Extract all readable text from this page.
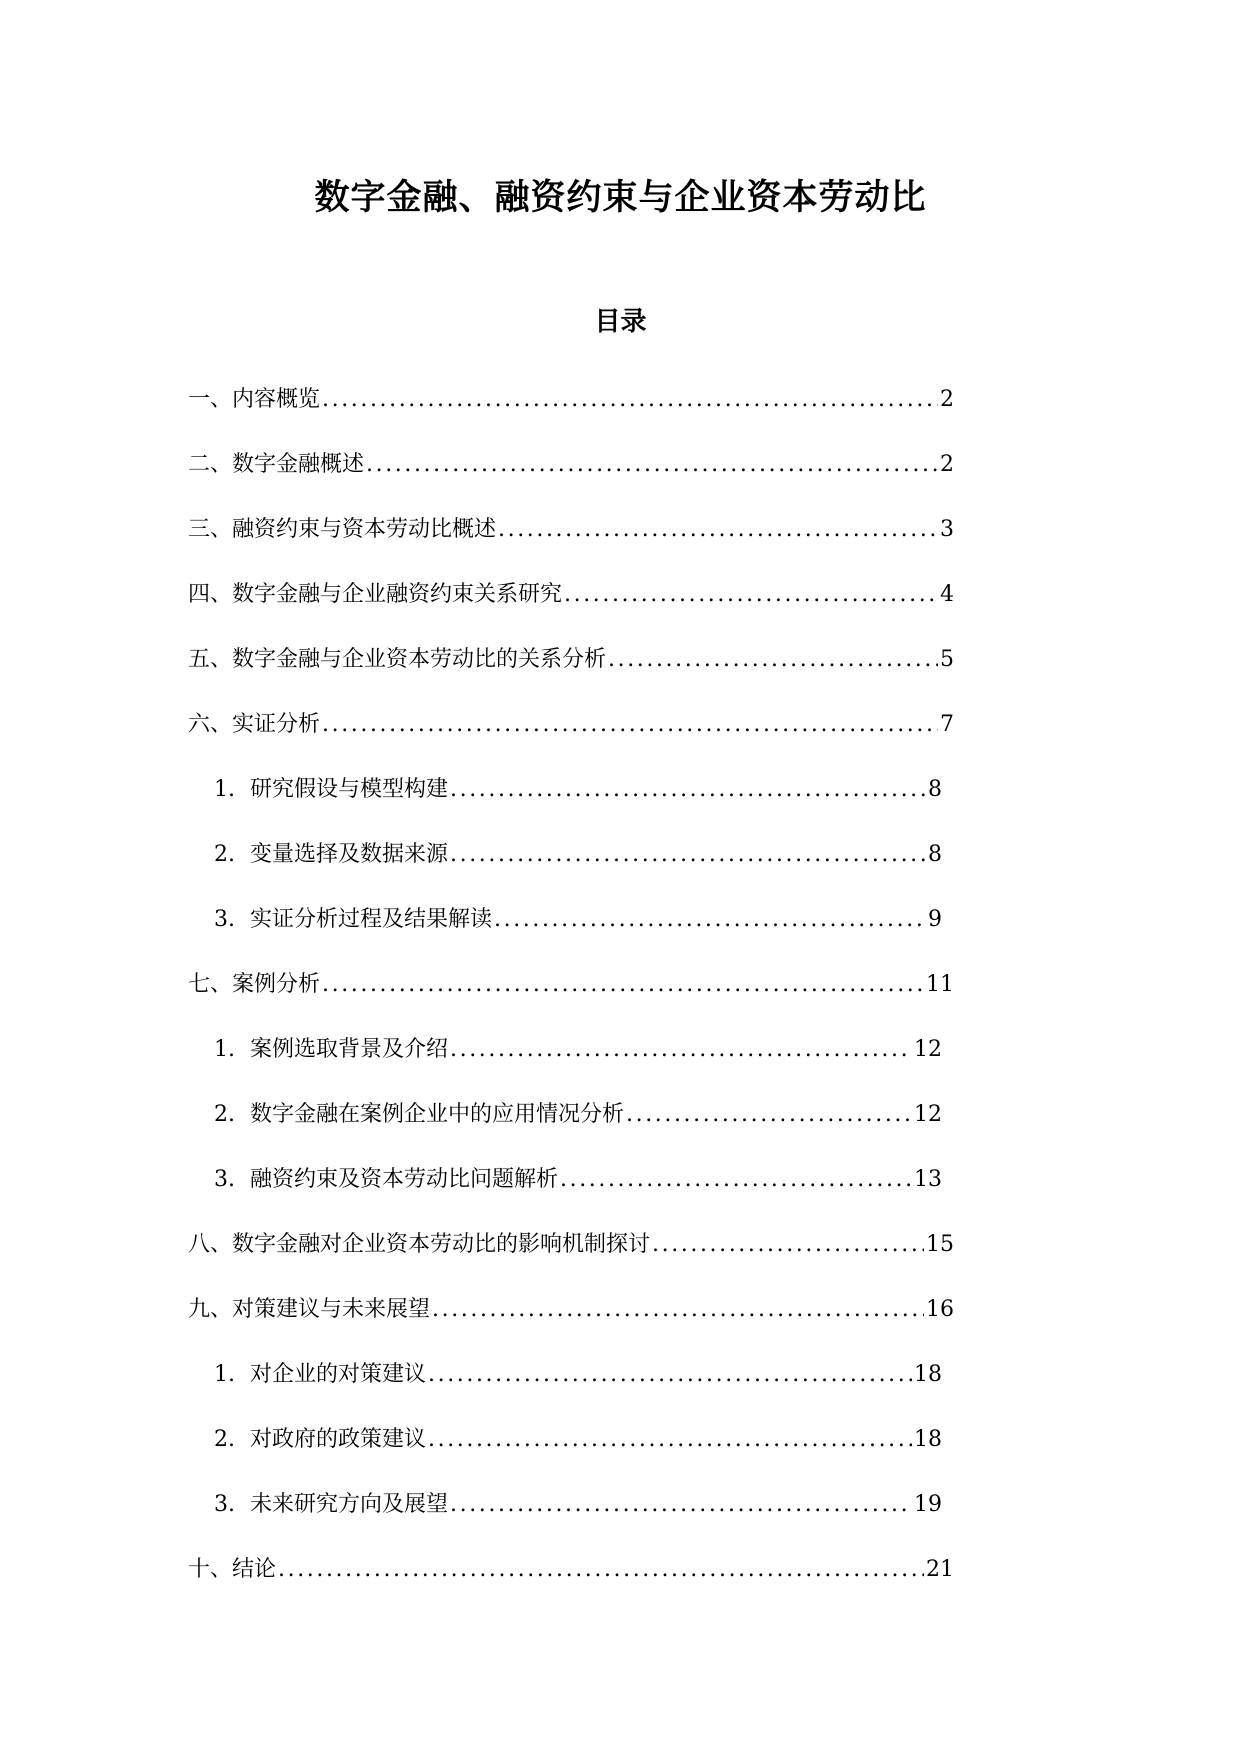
数字金融、融资约束与企业资本劳动比
目录
一、内容概览 . . .	2
二、数字金融概述 . . .	2
三、融资约束与资本劳动比概述 . . .	3
四、数字金融与企业融资约束关系研究 . . .	4
五、数字金融与企业资本劳动比的关系分析 . . .	5
六、实证分析 . . .	7
1. 研究假设与模型构建 . . .	8
2. 变量选择及数据来源 . . .	8
3. 实证分析过程及结果解读 . . .	9
七、案例分析 . . .	11
1. 案例选取背景及介绍 . . .	12
2. 数字金融在案例企业中的应用情况分析 . . .	12
3. 融资约束及资本劳动比问题解析 . . .	13
八、数字金融对企业资本劳动比的影响机制探讨 . . .	15
九、对策建议与未来展望 . . .	16
1. 对企业的对策建议 . . .	18
2. 对政府的政策建议 . . .	18
3. 未来研究方向及展望 . . .	19
十、结论 . . .	21
